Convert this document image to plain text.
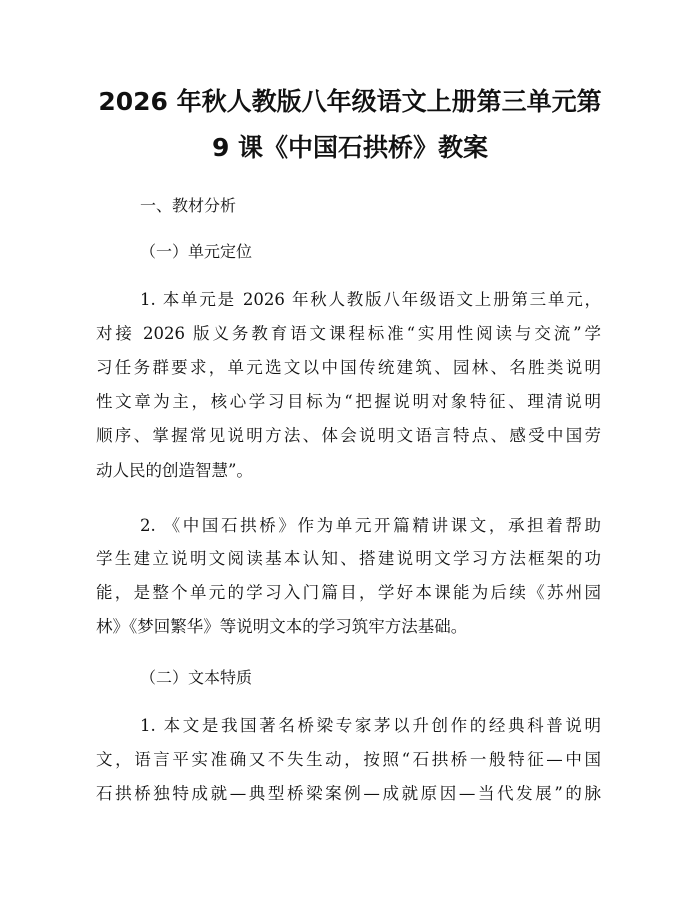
2026 年秋人教版八年级语文上册第三单元第
9 课《中国石拱桥》教案
一、教材分析
（一）单元定位
1. 本单元是 2026 年秋人教版八年级语文上册第三单元，
对接 2026 版义务教育语文课程标准“实用性阅读与交流”学
习任务群要求，单元选文以中国传统建筑、园林、名胜类说明
性文章为主，核心学习目标为“把握说明对象特征、理清说明
顺序、掌握常见说明方法、体会说明文语言特点、感受中国劳
动人民的创造智慧”。
2. 《中国石拱桥》作为单元开篇精讲课文，承担着帮助
学生建立说明文阅读基本认知、搭建说明文学习方法框架的功
能，是整个单元的学习入门篇目，学好本课能为后续《苏州园
林》《梦回繁华》等说明文本的学习筑牢方法基础。
（二）文本特质
1. 本文是我国著名桥梁专家茅以升创作的经典科普说明
文，语言平实准确又不失生动，按照“石拱桥一般特征—中国
石拱桥独特成就—典型桥梁案例—成就原因—当代发展”的脉
